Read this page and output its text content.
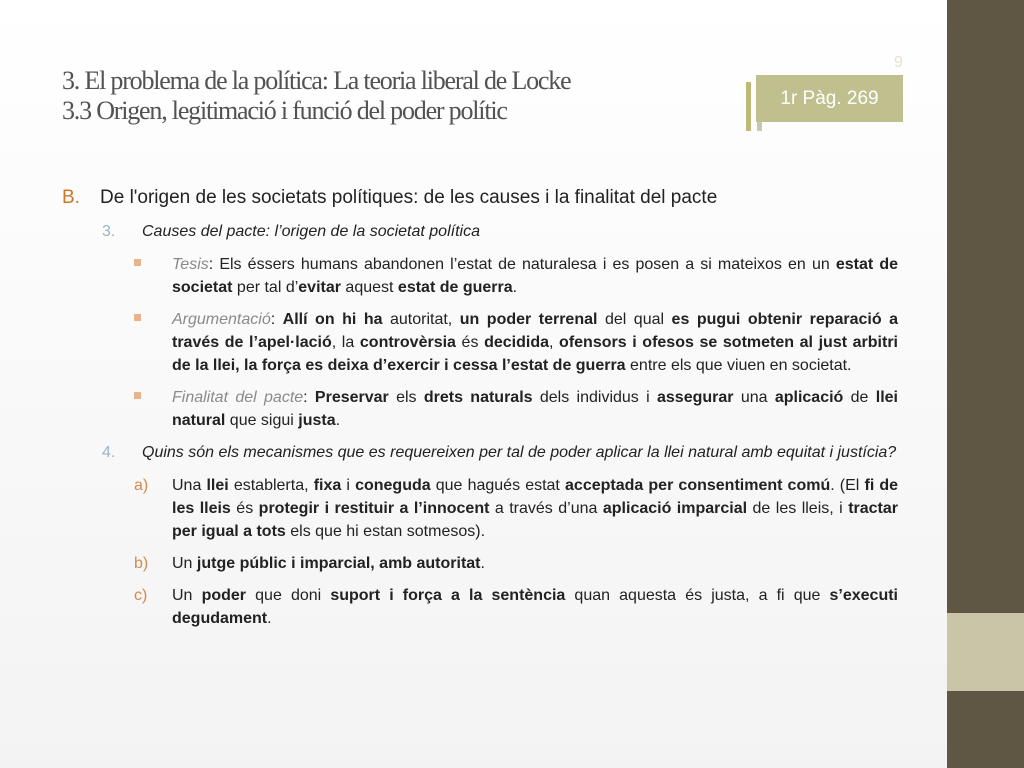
3. El problema de la política: La teoria liberal de Locke
3.3 Origen, legitimació i funció del poder polític
9
1r Pàg. 269
B. De l'origen de les societats polítiques: de les causes i la finalitat del pacte
3. Causes del pacte: l’origen de la societat política
Tesis: Els éssers humans abandonen l’estat de naturalesa i es posen a si mateixos en un estat de societat per tal d’evitar aquest estat de guerra.
Argumentació: Allí on hi ha autoritat, un poder terrenal del qual es pugui obtenir reparació a través de l’apel·lació, la controvèrsia és decidida, ofensors i ofesos se sotmeten al just arbitri de la llei, la força es deixa d’exercir i cessa l’estat de guerra entre els que viuen en societat.
Finalitat del pacte: Preservar els drets naturals dels individus i assegurar una aplicació de llei natural que sigui justa.
4. Quins són els mecanismes que es requereixen per tal de poder aplicar la llei natural amb equitat i justícia?
a) Una llei establerta, fixa i coneguda que hagués estat acceptada per consentiment comú. (El fi de les lleis és protegir i restituir a l’innocent a través d’una aplicació imparcial de les lleis, i tractar per igual a tots els que hi estan sotmesos).
b) Un jutge públic i imparcial, amb autoritat.
c) Un poder que doni suport i força a la sentència quan aquesta és justa, a fi que s’executi degudament.
